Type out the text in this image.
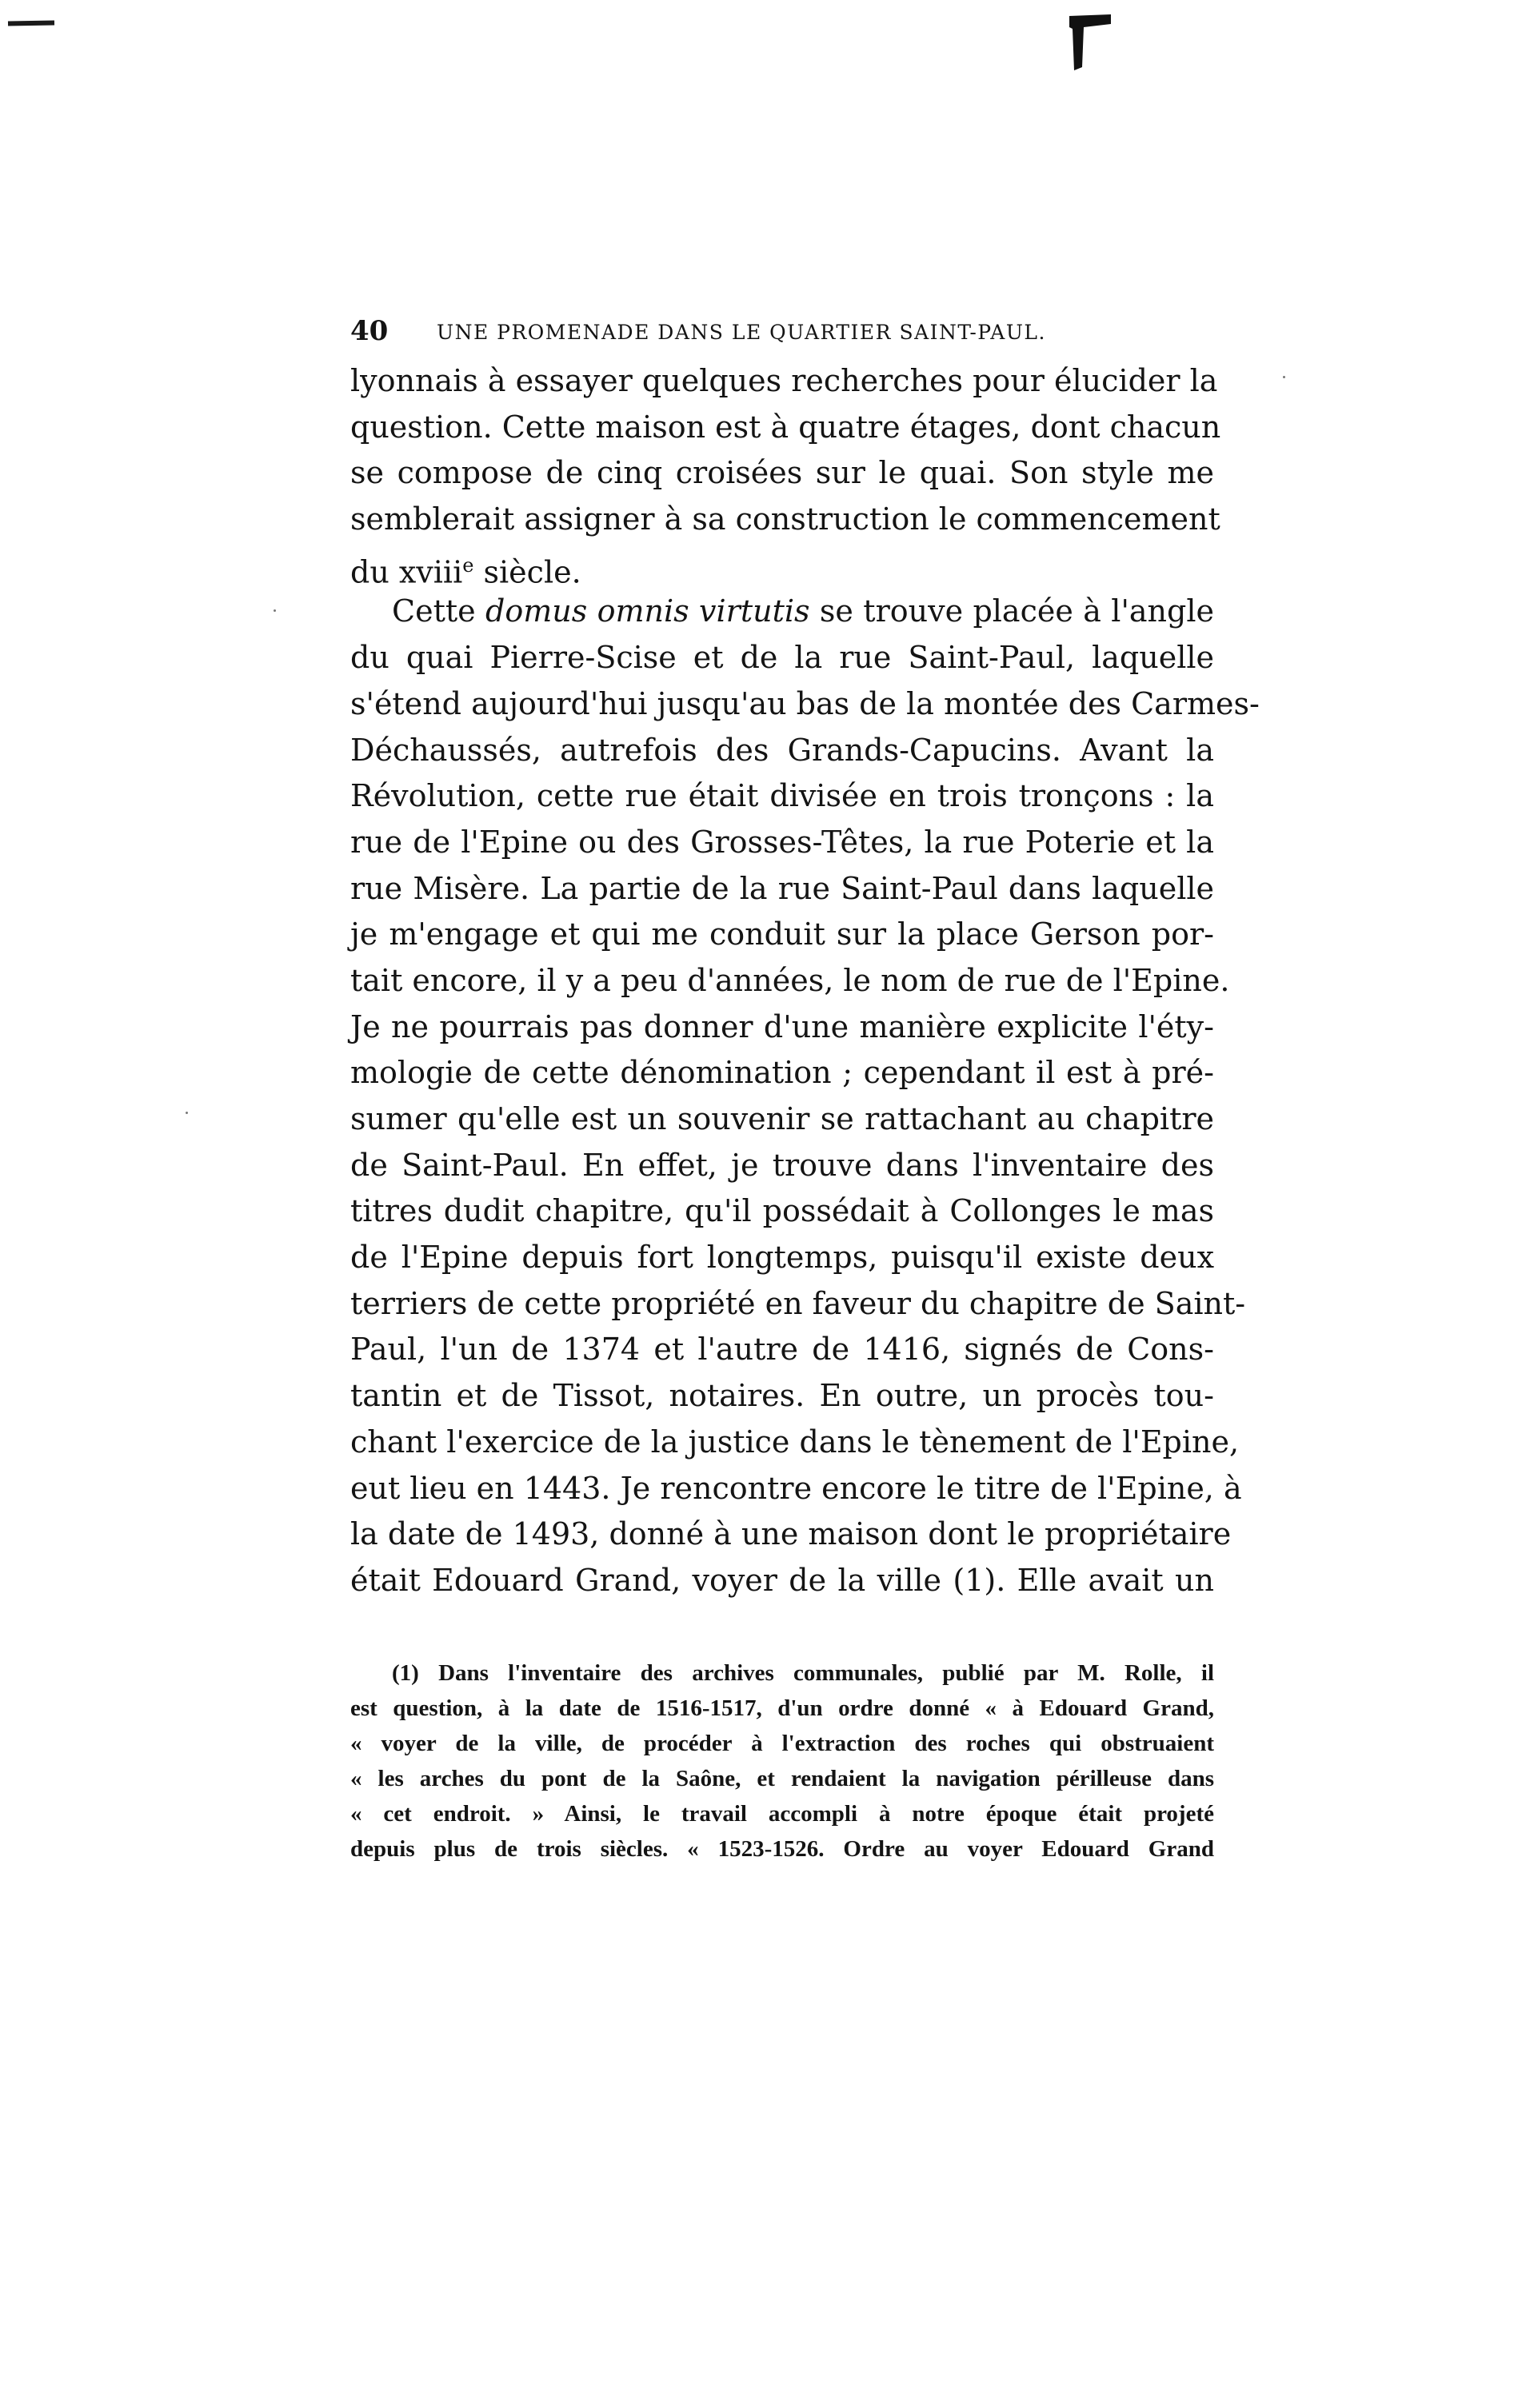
40 UNE PROMENADE DANS LE QUARTIER SAINT-PAUL.
lyonnais à essayer quelques recherches pour élucider la
question. Cette maison est à quatre étages, dont chacun
se compose de cinq croisées sur le quai. Son style me
semblerait assigner à sa construction le commencement
du xviii$^e$ siècle.
Cette domus omnis virtutis se trouve placée à l'angle
du quai Pierre-Scise et de la rue Saint-Paul, laquelle
s'étend aujourd'hui jusqu'au bas de la montée des Carmes-
Déchaussés, autrefois des Grands-Capucins. Avant la
Révolution, cette rue était divisée en trois tronçons : la
rue de l'Epine ou des Grosses-Têtes, la rue Poterie et la
rue Misère. La partie de la rue Saint-Paul dans laquelle
je m'engage et qui me conduit sur la place Gerson por-
tait encore, il y a peu d'années, le nom de rue de l'Epine.
Je ne pourrais pas donner d'une manière explicite l'éty-
mologie de cette dénomination ; cependant il est à pré-
sumer qu'elle est un souvenir se rattachant au chapitre
de Saint-Paul. En effet, je trouve dans l'inventaire des
titres dudit chapitre, qu'il possédait à Collonges le mas
de l'Epine depuis fort longtemps, puisqu'il existe deux
terriers de cette propriété en faveur du chapitre de Saint-
Paul, l'un de 1374 et l'autre de 1416, signés de Cons-
tantin et de Tissot, notaires. En outre, un procès tou-
chant l'exercice de la justice dans le tènement de l'Epine,
eut lieu en 1443. Je rencontre encore le titre de l'Epine, à
la date de 1493, donné à une maison dont le propriétaire
était Edouard Grand, voyer de la ville (1). Elle avait un
(1) Dans l'inventaire des archives communales, publié par M. Rolle, il
est question, à la date de 1516-1517, d'un ordre donné « à Edouard Grand,
« voyer de la ville, de procéder à l'extraction des roches qui obstruaient
« les arches du pont de la Saône, et rendaient la navigation périlleuse dans
« cet endroit. » Ainsi, le travail accompli à notre époque était projeté
depuis plus de trois siècles. « 1523-1526. Ordre au voyer Edouard Grand
